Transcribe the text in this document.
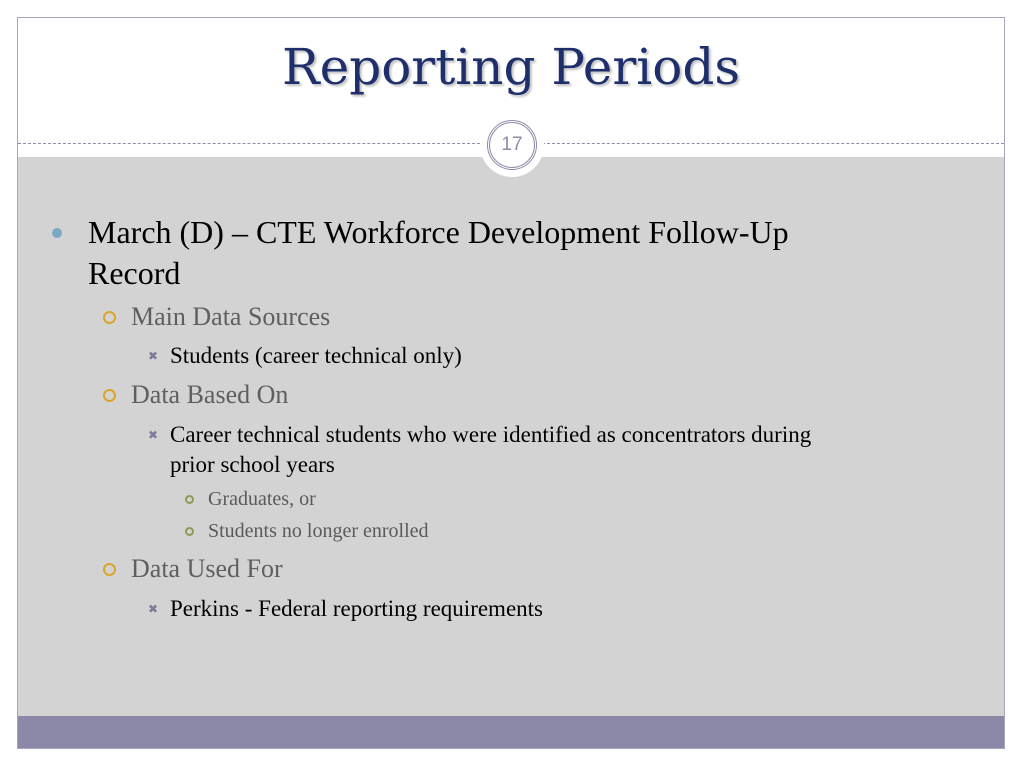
Reporting Periods
17
March (D) – CTE Workforce Development Follow-Up
Record
Main Data Sources
✖ Students (career technical only)
Data Based On
✖ Career technical students who were identified as concentrators during
prior school years
Graduates, or
Students no longer enrolled
Data Used For
✖ Perkins - Federal reporting requirements
